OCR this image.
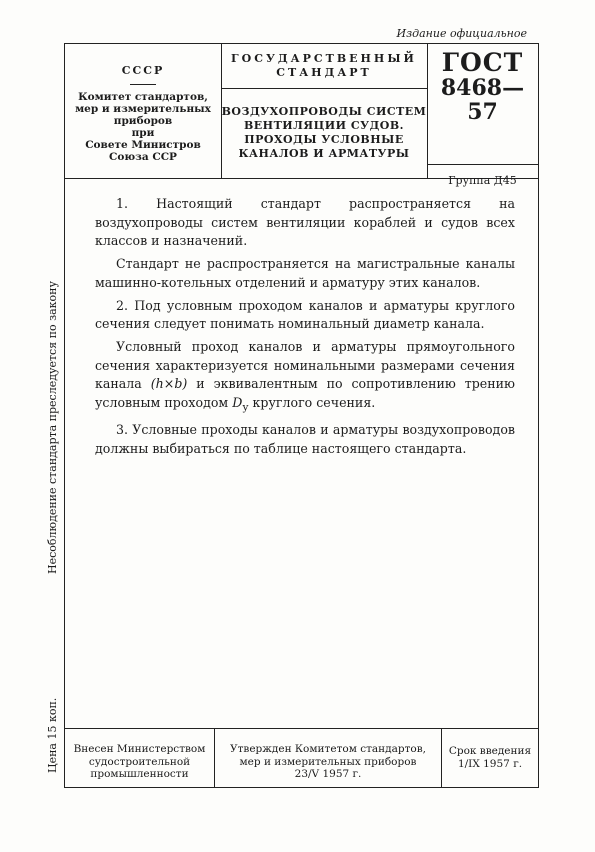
Издание официальное
Несоблюдение стандарта преследуется по закону
Цена 15 коп.
СССР
Комитет стандартов,
мер и измерительных
приборов
при
Совете Министров
Союза ССР
ГОСУДАРСТВЕННЫЙ
СТАНДАРТ
ВОЗДУХОПРОВОДЫ СИСТЕМ
ВЕНТИЛЯЦИИ СУДОВ.
ПРОХОДЫ УСЛОВНЫЕ
КАНАЛОВ И АРМАТУРЫ
ГОСТ
8468—57
Группа Д45

1. Настоящий стандарт распространяется на воздухопроводы систем вентиляции кораблей и судов всех классов и назначений.

Стандарт не распространяется на магистральные каналы машинно-котельных отделений и арматуру этих каналов.

2. Под условным проходом каналов и арматуры круглого сечения следует понимать номинальный диаметр канала.

Условный проход каналов и арматуры прямоугольного сечения характеризуется номинальными размерами сечения канала (h×b) и эквивалентным по сопротивлению трению условным проходом $D_у$ круглого сечения.

3. Условные проходы каналов и арматуры воздухопроводов должны выбираться по таблице настоящего стандарта.

Внесен Министерством
судостроительной
промышленности
Утвержден Комитетом стандартов,
мер и измерительных приборов
23/V 1957 г.
Срок введения
1/IX 1957 г.
